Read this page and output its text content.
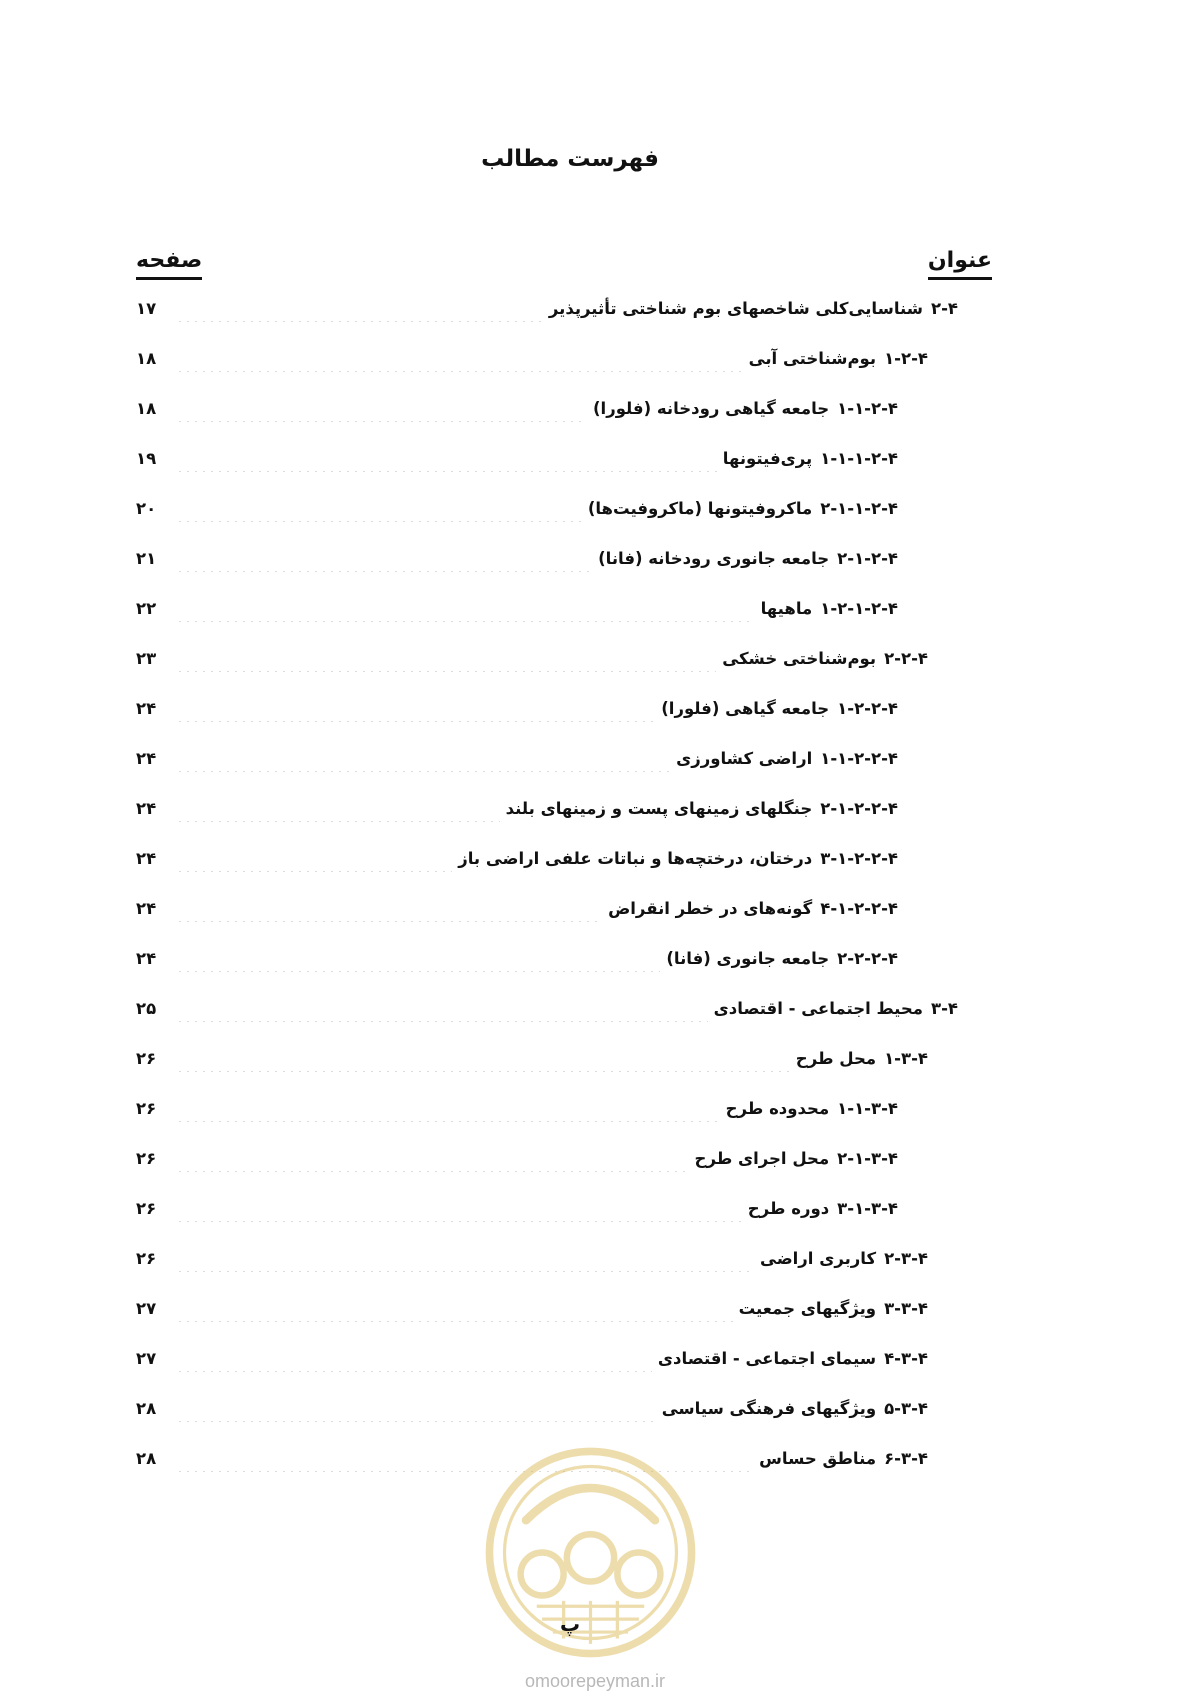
فهرست مطالب
عنوان
صفحه
۲-۴
شناسایی‌کلی شاخصهای بوم شناختی تأثیرپذیر
۱۷
۱-۲-۴
بوم‌شناختی آبی
۱۸
۱-۱-۲-۴
جامعه گیاهی رودخانه (فلورا)
۱۸
۱-۱-۱-۲-۴
پری‌فیتونها
۱۹
۲-۱-۱-۲-۴
ماکروفیتونها (ماکروفیت‌ها)
۲۰
۲-۱-۲-۴
جامعه جانوری رودخانه (فانا)
۲۱
۱-۲-۱-۲-۴
ماهیها
۲۲
۲-۲-۴
بوم‌شناختی خشکی
۲۳
۱-۲-۲-۴
جامعه گیاهی (فلورا)
۲۴
۱-۱-۲-۲-۴
اراضی کشاورزی
۲۴
۲-۱-۲-۲-۴
جنگلهای زمینهای پست و زمینهای بلند
۲۴
۳-۱-۲-۲-۴
درختان، درختچه‌ها و نباتات علفی اراضی باز
۲۴
۴-۱-۲-۲-۴
گونه‌های در خطر انقراض
۲۴
۲-۲-۲-۴
جامعه جانوری (فانا)
۲۴
۳-۴
محیط اجتماعی - اقتصادی
۲۵
۱-۳-۴
محل طرح
۲۶
۱-۱-۳-۴
محدوده طرح
۲۶
۲-۱-۳-۴
محل اجرای طرح
۲۶
۳-۱-۳-۴
دوره طرح
۲۶
۲-۳-۴
کاربری اراضی
۲۶
۳-۳-۴
ویژگیهای جمعیت
۲۷
۴-۳-۴
سیمای اجتماعی - اقتصادی
۲۷
۵-۳-۴
ویژگیهای فرهنگی سیاسی
۲۸
۶-۳-۴
مناطق حساس
۲۸
پ
omoorepeyman.ir
